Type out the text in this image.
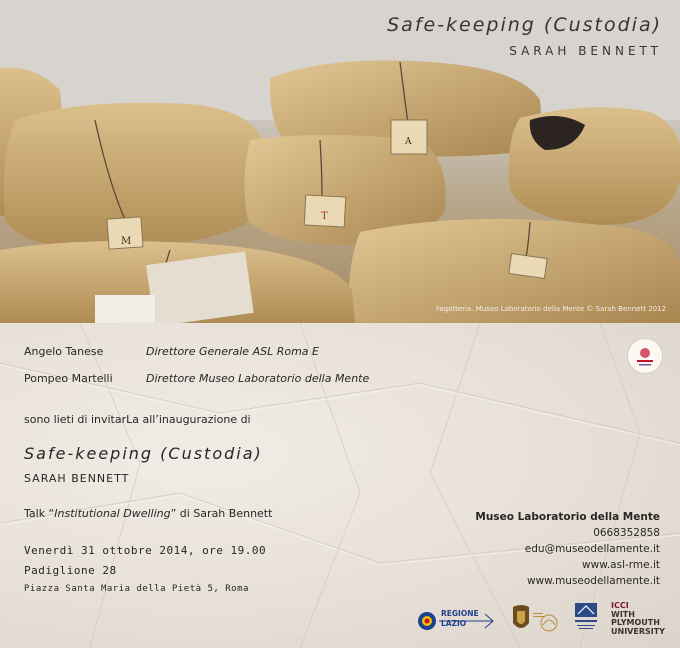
M
T
A
Safe-keeping (Custodia)
SARAH BENNETT
Fagotteria. Museo Laboratorio della Mente © Sarah Bennett 2012
Angelo Tanese	Direttore Generale ASL Roma E
Pompeo Martelli	Direttore Museo Laboratorio della Mente
sono lieti di invitarLa all’inaugurazione di
Safe-keeping (Custodia)
SARAH BENNETT
Talk “Institutional Dwelling” di Sarah Bennett
Venerdì 31 ottobre 2014, ore 19.00
Padiglione 28
Piazza Santa Maria della Pietà 5, Roma
Museo Laboratorio della Mente
0668352858
edu@museodellamente.it
www.asl-rme.it
www.museodellamente.it
REGIONE
LAZIO
ICCI
WITH
PLYMOUTH
UNIVERSITY
